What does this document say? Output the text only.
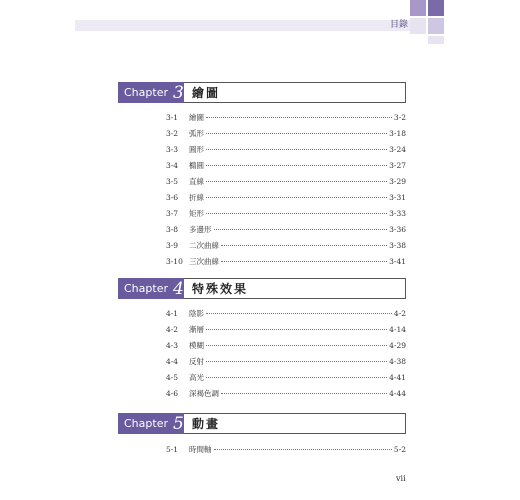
目錄
Chapter 3 繪圖
3-1	繪圖	3-2
3-2	弧形	3-18
3-3	圓形	3-24
3-4	橢圓	3-27
3-5	直線	3-29
3-6	折線	3-31
3-7	矩形	3-33
3-8	多邊形	3-36
3-9	二次曲線	3-38
3-10 三次曲線	3-41
Chapter 4 特殊效果
4-1	陰影	4-2
4-2	漸層	4-14
4-3	模糊	4-29
4-4	反射	4-38
4-5	高光	4-41
4-6	深褐色調	4-44
Chapter 5 動畫
5-1	時間軸	5-2
vii
